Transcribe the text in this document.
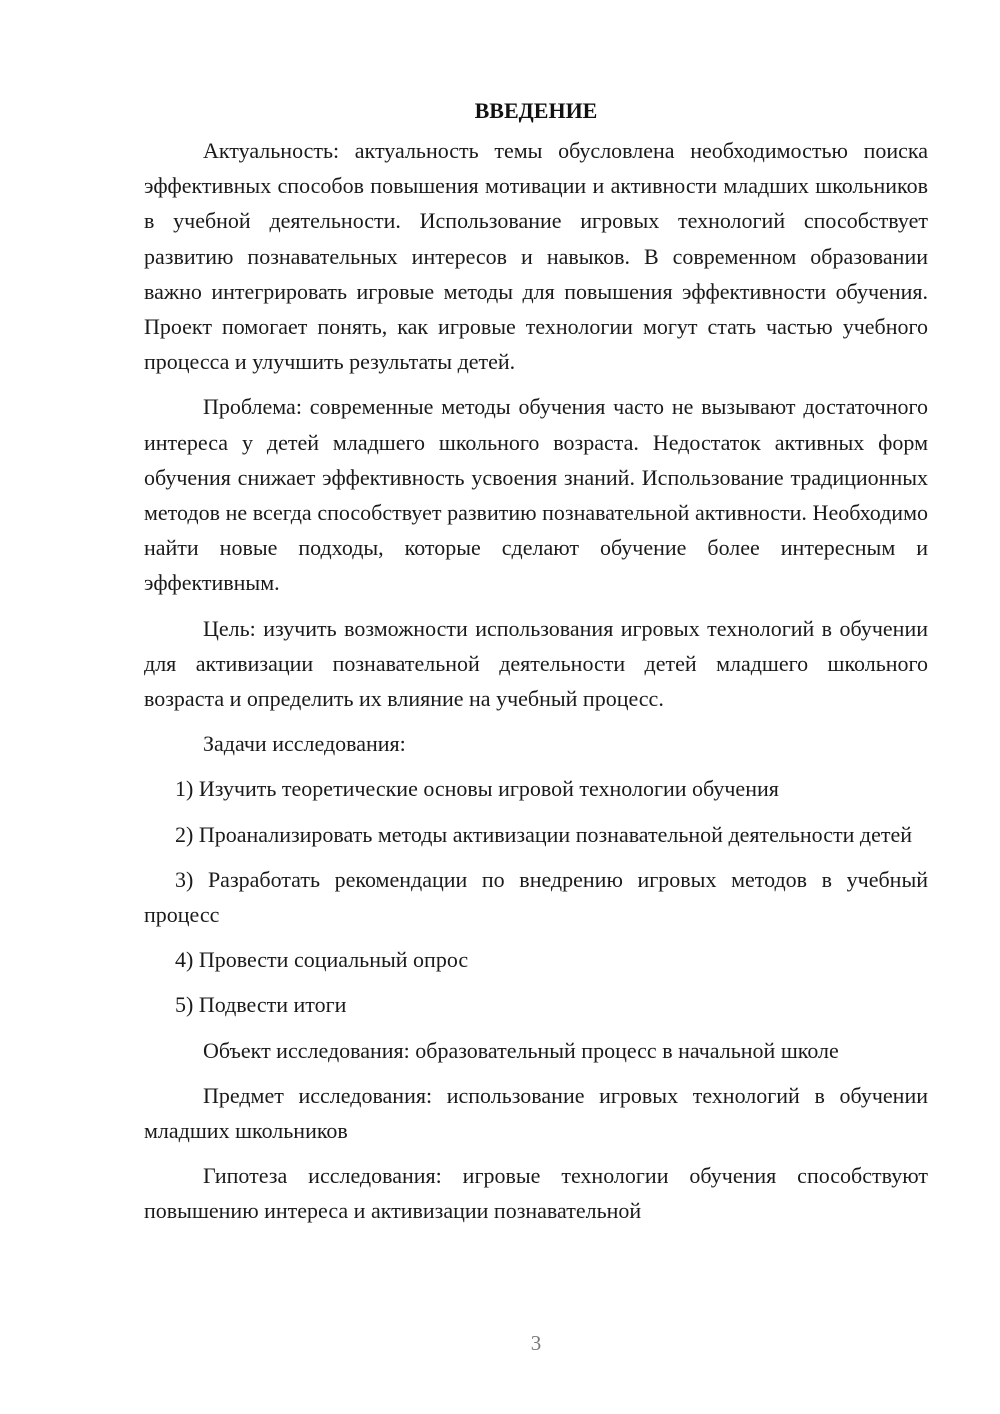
ВВЕДЕНИЕ

Актуальность: актуальность темы обусловлена необходимостью поиска эффективных способов повышения мотивации и активности младших школьников в учебной деятельности. Использование игровых технологий способствует развитию познавательных интересов и навыков. В современном образовании важно интегрировать игровые методы для повышения эффективности обучения. Проект помогает понять, как игровые технологии могут стать частью учебного процесса и улучшить результаты детей.

Проблема: современные методы обучения часто не вызывают достаточного интереса у детей младшего школьного возраста. Недостаток активных форм обучения снижает эффективность усвоения знаний. Использование традиционных методов не всегда способствует развитию познавательной активности. Необходимо найти новые подходы, которые сделают обучение более интересным и эффективным.

Цель: изучить возможности использования игровых технологий в обучении для активизации познавательной деятельности детей младшего школьного возраста и определить их влияние на учебный процесс.

Задачи исследования:

1) Изучить теоретические основы игровой технологии обучения

2) Проанализировать методы активизации познавательной деятельности детей

3) Разработать рекомендации по внедрению игровых методов в учебный процесс

4) Провести социальный опрос

5) Подвести итоги

Объект исследования: образовательный процесс в начальной школе

Предмет исследования: использование игровых технологий в обучении младших школьников

Гипотеза исследования: игровые технологии обучения способствуют повышению интереса и активизации познавательной

3
